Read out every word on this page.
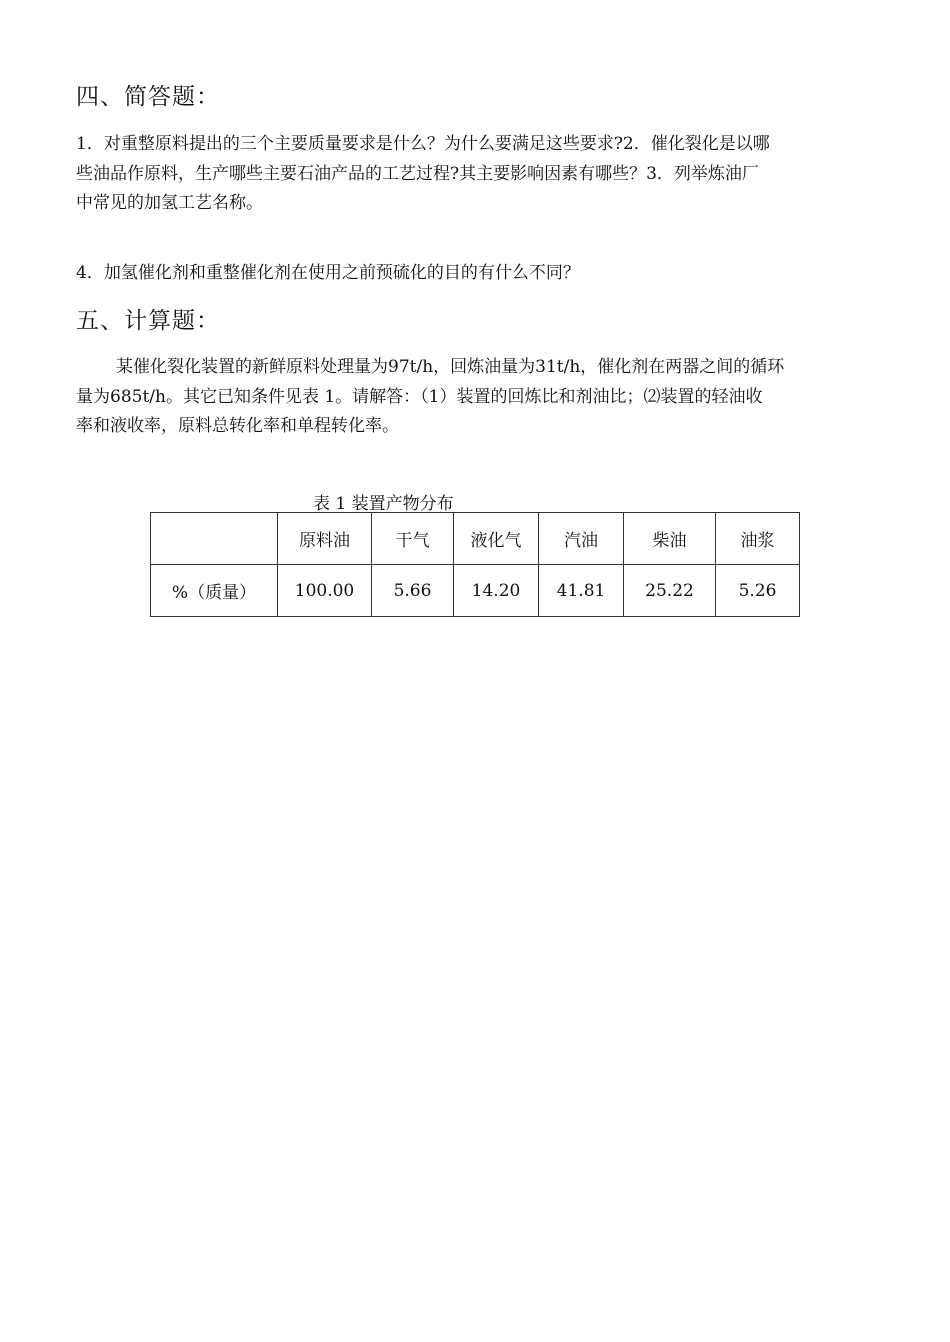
四、简答题：
1．对重整原料提出的三个主要质量要求是什么？为什么要满足这些要求?2．催化裂化是以哪
些油品作原料，生产哪些主要石油产品的工艺过程?其主要影响因素有哪些？3．列举炼油厂
中常见的加氢工艺名称。
4．加氢催化剂和重整催化剂在使用之前预硫化的目的有什么不同？
五、计算题：
某催化裂化装置的新鲜原料处理量为97t/h，回炼油量为31t/h，催化剂在两器之间的循环
量为685t/h。其它已知条件见表 1。请解答：（1）装置的回炼比和剂油比；⑵装置的轻油收
率和液收率，原料总转化率和单程转化率。
表 1 装置产物分布
	原料油	干气	液化气	汽油	柴油	油浆
%（质量）	100.00	5.66	14.20	41.81	25.22	5.26
